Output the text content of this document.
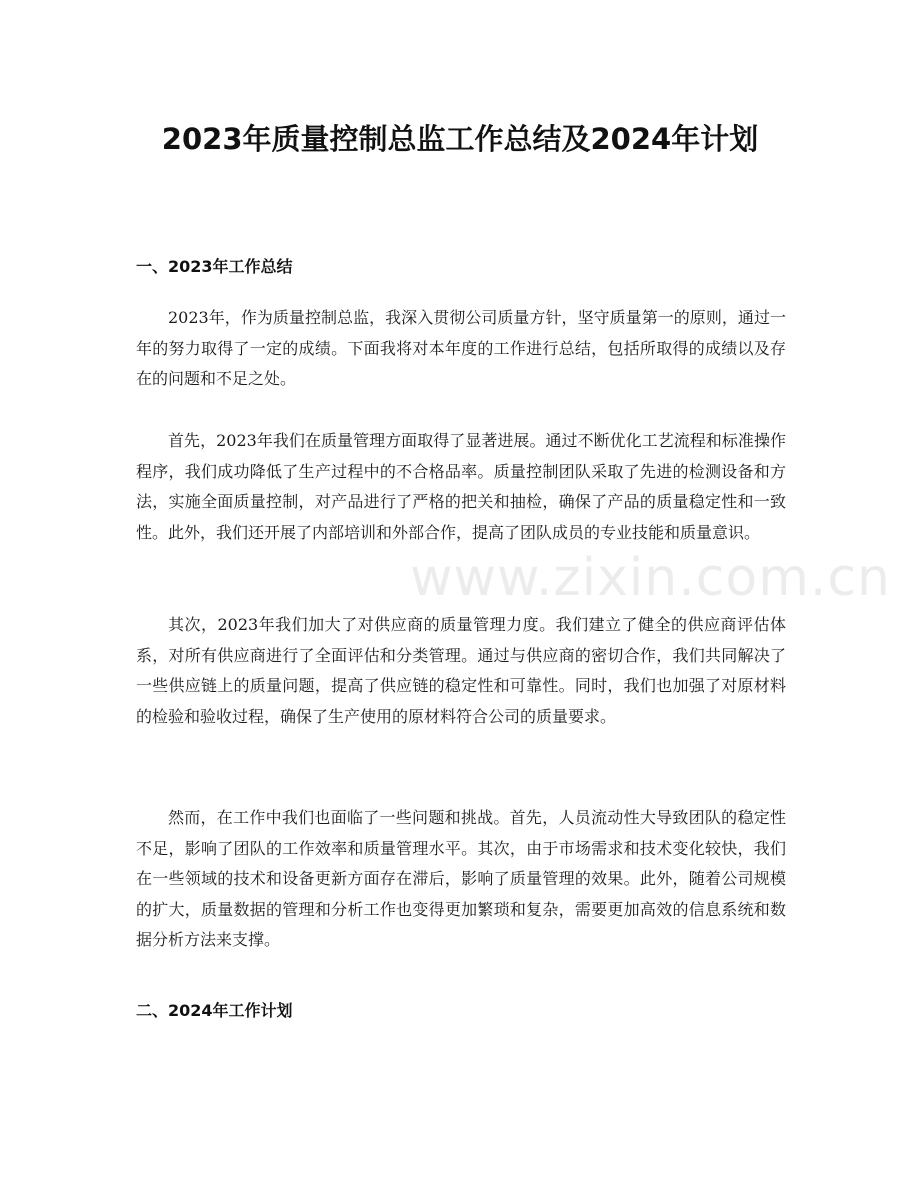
2023年质量控制总监工作总结及2024年计划
一、2023年工作总结

2023年，作为质量控制总监，我深入贯彻公司质量方针，坚守质量第一的原则，通过一年的努力取得了一定的成绩。下面我将对本年度的工作进行总结，包括所取得的成绩以及存在的问题和不足之处。

首先，2023年我们在质量管理方面取得了显著进展。通过不断优化工艺流程和标准操作程序，我们成功降低了生产过程中的不合格品率。质量控制团队采取了先进的检测设备和方法，实施全面质量控制，对产品进行了严格的把关和抽检，确保了产品的质量稳定性和一致性。此外，我们还开展了内部培训和外部合作，提高了团队成员的专业技能和质量意识。

其次，2023年我们加大了对供应商的质量管理力度。我们建立了健全的供应商评估体系，对所有供应商进行了全面评估和分类管理。通过与供应商的密切合作，我们共同解决了一些供应链上的质量问题，提高了供应链的稳定性和可靠性。同时，我们也加强了对原材料的检验和验收过程，确保了生产使用的原材料符合公司的质量要求。

然而，在工作中我们也面临了一些问题和挑战。首先，人员流动性大导致团队的稳定性不足，影响了团队的工作效率和质量管理水平。其次，由于市场需求和技术变化较快，我们在一些领域的技术和设备更新方面存在滞后，影响了质量管理的效果。此外，随着公司规模的扩大，质量数据的管理和分析工作也变得更加繁琐和复杂，需要更加高效的信息系统和数据分析方法来支撑。

二、2024年工作计划
www.zixin.com.cn
